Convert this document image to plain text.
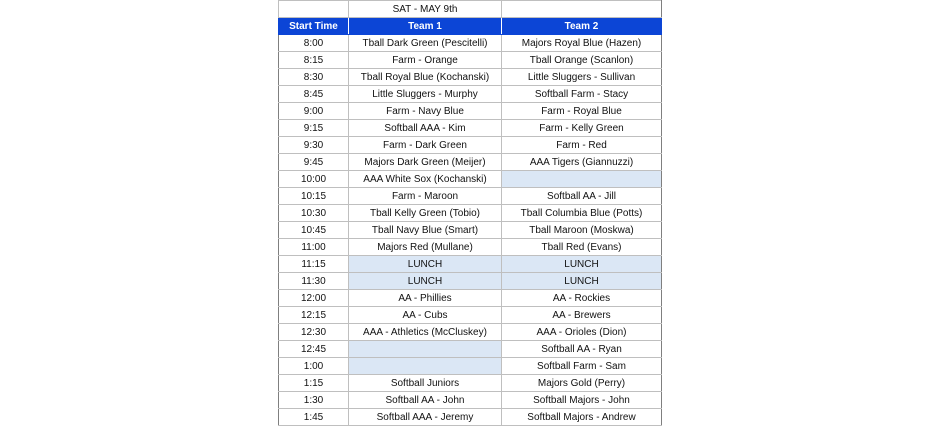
	SAT - MAY 9th	
Start Time	Team 1	Team 2
8:00	Tball Dark Green (Pescitelli)	Majors Royal Blue (Hazen)
8:15	Farm - Orange	Tball Orange (Scanlon)
8:30	Tball Royal Blue (Kochanski)	Little Sluggers - Sullivan
8:45	Little Sluggers - Murphy	Softball Farm - Stacy
9:00	Farm - Navy Blue	Farm - Royal Blue
9:15	Softball AAA - Kim	Farm - Kelly Green
9:30	Farm - Dark Green	Farm - Red
9:45	Majors Dark Green (Meijer)	AAA Tigers (Giannuzzi)
10:00	AAA White Sox (Kochanski)	
10:15	Farm - Maroon	Softball AA - Jill
10:30	Tball Kelly Green (Tobio)	Tball Columbia Blue (Potts)
10:45	Tball Navy Blue (Smart)	Tball Maroon (Moskwa)
11:00	Majors Red (Mullane)	Tball Red (Evans)
11:15	LUNCH	LUNCH
11:30	LUNCH	LUNCH
12:00	AA - Phillies	AA - Rockies
12:15	AA - Cubs	AA - Brewers
12:30	AAA - Athletics (McCluskey)	AAA - Orioles (Dion)
12:45		Softball AA - Ryan
1:00		Softball Farm - Sam
1:15	Softball Juniors	Majors Gold (Perry)
1:30	Softball AA - John	Softball Majors - John
1:45	Softball AAA - Jeremy	Softball Majors - Andrew
